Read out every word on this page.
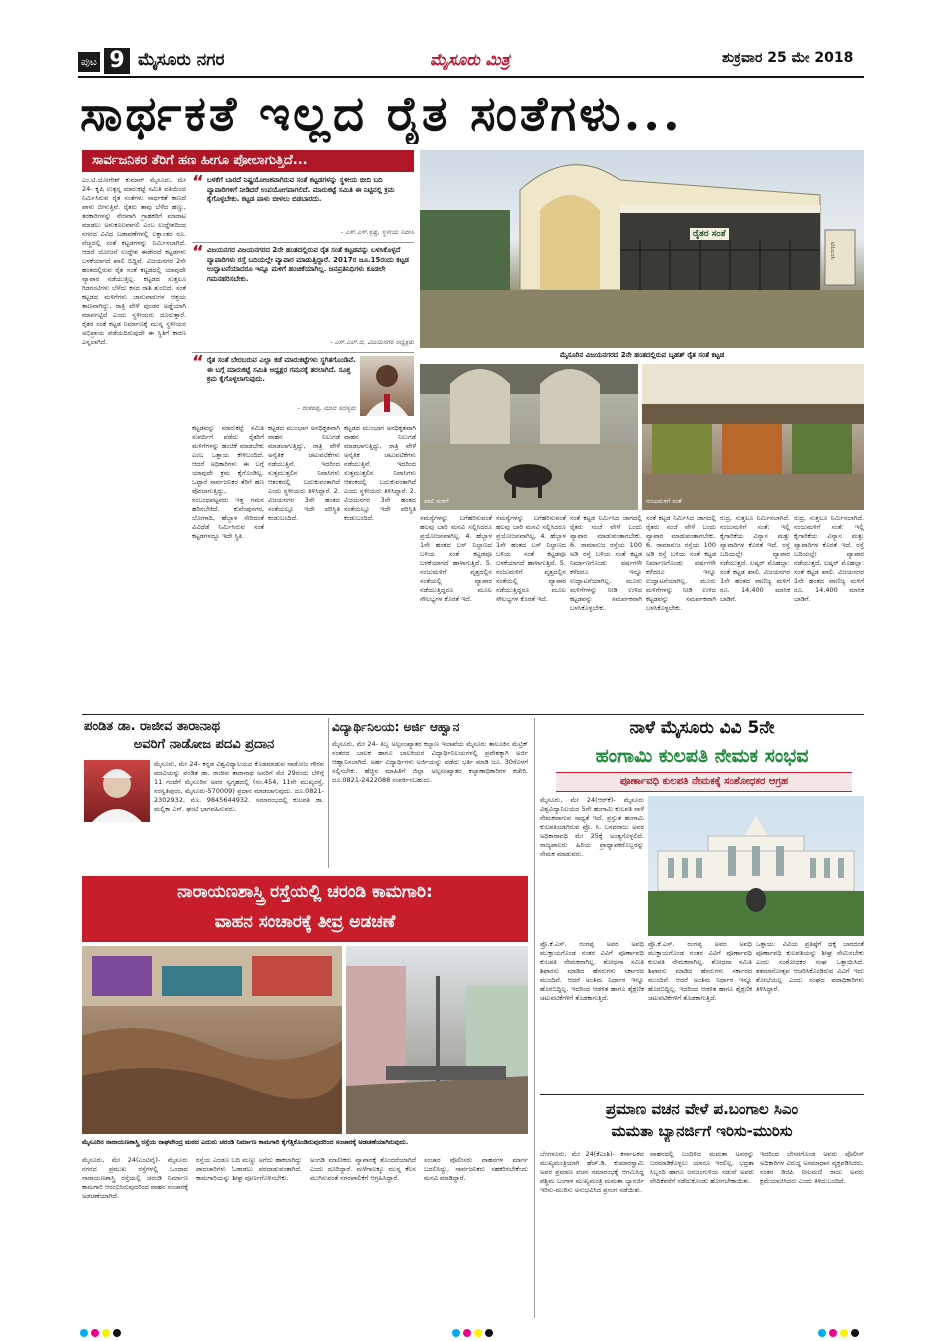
ಪುಟ 9 ಮೈಸೂರು ನಗರ	ಮೈಸೂರು ಮಿತ್ರ	ಶುಕ್ರವಾರ 25 ಮೇ 2018
ಸಾರ್ಥಕತೆ ಇಲ್ಲದ ರೈತ ಸಂತೆಗಳು...
ಸಾರ್ವಜನಿಕರ ತೆರಿಗೆ ಹಣ ಹೀಗೂ ಪೋಲಾಗುತ್ತಿದೆ...
ಎಂ.ಟಿ.ಯೋಗೇಶ್ ಕುಮಾರ್ ಮೈಸೂರು, ಮೇ 24- ಕೃಷಿ ಉತ್ಪನ್ನ ಮಾರುಕಟ್ಟೆ ಸಮಿತಿ ವತಿಯಿಂದ ನಿರ್ಮಿಸಿರುವ ರೈತ ಸಂತೆಗಳು ಸಾರ್ಥಕತೆ ಕಾಣದೆ ಪಾಳು ಬೀಳುತ್ತಿವೆ. ರೈತರು ತಾವು ಬೆಳೆದ ಹಣ್ಣು, ತರಕಾರಿಗಳನ್ನು ನೇರವಾಗಿ ಗ್ರಾಹಕರಿಗೆ ಮಾರಾಟ ಮಾಡಲು ಅನುಕೂಲವಾಗಲಿ ಎಂಬ ಉದ್ದೇಶದಿಂದ ನಗರದ ವಿವಿಧ ಬಡಾವಣೆಗಳಲ್ಲಿ ಲಕ್ಷಾಂತರ ರೂ. ವೆಚ್ಚದಲ್ಲಿ ಸಂತೆ ಕಟ್ಟಡಗಳನ್ನು ನಿರ್ಮಿಸಲಾಗಿದೆ. ಆದರೆ ಯೋಜನೆ ಉದ್ದೇಶ ಈಡೇರದೆ ಕಟ್ಟಡಗಳು ಬಳಕೆಯಾಗದೆ ಖಾಲಿ ಬಿದ್ದಿವೆ. ವಿಜಯನಗರ 2ನೇ ಹಂತದಲ್ಲಿರುವ ರೈತ ಸಂತೆ ಕಟ್ಟಡದಲ್ಲಿ ಯಾವುದೇ ವ್ಯಾಪಾರ ನಡೆಯುತ್ತಿಲ್ಲ. ಕಟ್ಟಡದ ಸುತ್ತಲೂ ಗಿಡಗಂಟಿಗಳು ಬೆಳೆದು ಕಸದ ರಾಶಿ ತುಂಬಿದೆ. ಸಂತೆ ಕಟ್ಟಡದ ಮಳಿಗೆಗಳು ಜಾನುವಾರುಗಳ ಆಶ್ರಯ ತಾಣವಾಗಿದ್ದು, ರಾತ್ರಿ ವೇಳೆ ಪುಂಡರ ಅಡ್ಡೆಯಾಗಿ ಮಾರ್ಪಟ್ಟಿದೆ ಎಂದು ಸ್ಥಳೀಯರು ದೂರುತ್ತಾರೆ. ರೈತರ ಸಂತೆ ಕಟ್ಟಡ ನಿರ್ಮಾಣಕ್ಕೆ ಮುನ್ನ ಸ್ಥಳೀಯರ ಅಭಿಪ್ರಾಯ ಪಡೆಯದಿರುವುದೇ ಈ ಸ್ಥಿತಿಗೆ ಕಾರಣ ಎನ್ನಲಾಗಿದೆ.
“ ಬಳಕೆಗೆ ಬಾರದೆ ನಿಷ್ಪ್ರಯೋಜಕವಾಗಿರುವ ಸಂತೆ ಕಟ್ಟಡಗಳನ್ನು ಸ್ಥಳೀಯ ಬೀದಿ ಬದಿ ವ್ಯಾಪಾರಿಗಳಿಗೆ ನೀಡಿದರೆ ಉಪಯೋಗವಾಗಲಿದೆ. ಮಾರುಕಟ್ಟೆ ಸಮಿತಿ ಈ ನಿಟ್ಟಿನಲ್ಲಿ ಕ್ರಮ ಕೈಗೊಳ್ಳಬೇಕು. ಕಟ್ಟಡ ಪಾಳು ಬೀಳಲು ಬಿಡಬಾರದು.
- ಎಸ್.ಎಸ್.ಕೃಷ್ಣ, ಸ್ಥಳೀಯ ನಿವಾಸಿ
“ ವಿಜಯನಗರ ವಿಜಯನಗರದ 2ನೇ ಹಂತದಲ್ಲಿರುವ ರೈತ ಸಂತೆ ಕಟ್ಟಡವನ್ನು ಬಳಸಿಕೊಳ್ಳದೆ ವ್ಯಾಪಾರಿಗಳು ರಸ್ತೆ ಬದಿಯಲ್ಲೇ ವ್ಯಾಪಾರ ಮಾಡುತ್ತಿದ್ದಾರೆ. 2017ರ ಜೂ.15ರಂದು ಕಟ್ಟಡ ಉದ್ಘಾಟನೆಯಾದರೂ ಇನ್ನೂ ಮಳಿಗೆ ಹಂಚಿಕೆಯಾಗಿಲ್ಲ. ಜನಪ್ರತಿನಿಧಿಗಳು ಕೂಡಲೇ ಗಮನಹರಿಸಬೇಕು.
- ಎಸ್.ಎಲ್.ಜಿ, ವಿಜಯನಗರ ಅಧ್ಯಕ್ಷರು
“ ರೈತ ಸಂತೆ ಬೇರಬರುವ ಎಲ್ಲಾ ಕಡೆ ಮಾರುಕಟ್ಟೆಗಳು ಸ್ಥಗಿತಗೊಂಡಿವೆ. ಈ ಬಗ್ಗೆ ಮಾರುಕಟ್ಟೆ ಸಮಿತಿ ಅಧ್ಯಕ್ಷರ ಗಮನಕ್ಕೆ ತರಲಾಗಿದೆ. ಸೂಕ್ತ ಕ್ರಮ ಕೈಗೊಳ್ಳಲಾಗುವುದು.
- ಶಂಕರಪ್ಪ, ಮಾಜಿ ಸದಸ್ಯರು
ಕಟ್ಟಡವನ್ನು ಮಾರುಕಟ್ಟೆ ಸಮಿತಿ ಸುಪರ್ದಿಗೆ ಪಡೆದು ರೈತರಿಗೆ ಮಳಿಗೆಗಳನ್ನು ಹಂಚಿಕೆ ಮಾಡಬೇಕು ಎಂಬ ಒತ್ತಾಯ ಕೇಳಿಬಂದಿದೆ. ಆದರೆ ಅಧಿಕಾರಿಗಳು ಈ ಬಗ್ಗೆ ಯಾವುದೇ ಕ್ರಮ ಕೈಗೊಂಡಿಲ್ಲ. ಒಟ್ಟಾರೆ ಸಾರ್ವಜನಿಕರ ತೆರಿಗೆ ಹಣ ಪೋಲಾಗುತ್ತಿದ್ದು, ಸಂಬಂಧಪಟ್ಟವರು ಇತ್ತ ಗಮನ ಹರಿಸಬೇಕಿದೆ. ಕುವೆಂಪುನಗರ, ಬೋಗಾದಿ, ಹೆಬ್ಬಾಳ ಸೇರಿದಂತೆ ವಿವಿಧೆಡೆ ನಿರ್ಮಿಸಿರುವ ಸಂತೆ ಕಟ್ಟಡಗಳದ್ದೂ ಇದೇ ಸ್ಥಿತಿ.
ಕಟ್ಟಡದ ಮುಂಭಾಗ ಅನಧಿಕೃತವಾಗಿ ವಾಹನ ನಿಲುಗಡೆ ಮಾಡಲಾಗುತ್ತಿದ್ದು, ರಾತ್ರಿ ವೇಳೆ ಅನೈತಿಕ ಚಟುವಟಿಕೆಗಳು ನಡೆಯುತ್ತಿವೆ. ಇದರಿಂದ ಸುತ್ತಮುತ್ತಲಿನ ನಿವಾಸಿಗಳು ಆತಂಕದಲ್ಲಿ ಬದುಕುವಂತಾಗಿದೆ ಎಂದು ಸ್ಥಳೀಯರು ತಿಳಿಸಿದ್ದಾರೆ. 2. ವಿಜಯನಗರ 3ನೇ ಹಂತದ ಸಂತೆಯಲ್ಲೂ ಇದೇ ಪರಿಸ್ಥಿತಿ ಕಂಡುಬಂದಿದೆ.
ಕಟ್ಟಡದ ಮುಂಭಾಗ ಅನಧಿಕೃತವಾಗಿ ವಾಹನ ನಿಲುಗಡೆ ಮಾಡಲಾಗುತ್ತಿದ್ದು, ರಾತ್ರಿ ವೇಳೆ ಅನೈತಿಕ ಚಟುವಟಿಕೆಗಳು ನಡೆಯುತ್ತಿವೆ. ಇದರಿಂದ ಸುತ್ತಮುತ್ತಲಿನ ನಿವಾಸಿಗಳು ಆತಂಕದಲ್ಲಿ ಬದುಕುವಂತಾಗಿದೆ ಎಂದು ಸ್ಥಳೀಯರು ತಿಳಿಸಿದ್ದಾರೆ. 2. ವಿಜಯನಗರ 3ನೇ ಹಂತದ ಸಂತೆಯಲ್ಲೂ ಇದೇ ಪರಿಸ್ಥಿತಿ ಕಂಡುಬಂದಿದೆ.
ರೈತರ ಸಂತೆ
ಟಿಪಿಎಂಸಿ
ಮೈಸೂರಿನ ವಿಜಯನಗರದ 2ನೇ ಹಂತದಲ್ಲಿರುವ ಬೃಹತ್ ರೈತ ಸಂತೆ ಕಟ್ಟಡ
ಖಾಲಿ ಮಳಿಗೆ	ನಂಜುಮಳಿಗೆ ಸಂತೆ
ಸಮಸ್ಯೆಗಳನ್ನು ಬಗೆಹರಿಸುವಂತೆ ಹಲವು ಬಾರಿ ಮನವಿ ಸಲ್ಲಿಸಿದರೂ ಪ್ರಯೋಜನವಾಗಿಲ್ಲ. 4. ಹೆಬ್ಬಾಳ 1ನೇ ಹಂತದ ಬಸ್ ನಿಲ್ದಾಣದ ಬಳಿಯ ಸಂತೆ ಕಟ್ಟಡವೂ ಬಳಕೆಯಾಗದೆ ಹಾಳಾಗುತ್ತಿದೆ. 5. ನಂಜುಮಳಿಗೆ ವೃತ್ತದಲ್ಲಿನ ಸಂತೆಯಲ್ಲಿ ವ್ಯಾಪಾರ ನಡೆಯುತ್ತಿದ್ದರೂ ಮೂಲ ಸೌಲಭ್ಯಗಳ ಕೊರತೆ ಇದೆ.
ಸಮಸ್ಯೆಗಳನ್ನು ಬಗೆಹರಿಸುವಂತೆ ಹಲವು ಬಾರಿ ಮನವಿ ಸಲ್ಲಿಸಿದರೂ ಪ್ರಯೋಜನವಾಗಿಲ್ಲ. 4. ಹೆಬ್ಬಾಳ 1ನೇ ಹಂತದ ಬಸ್ ನಿಲ್ದಾಣದ ಬಳಿಯ ಸಂತೆ ಕಟ್ಟಡವೂ ಬಳಕೆಯಾಗದೆ ಹಾಳಾಗುತ್ತಿದೆ. 5. ನಂಜುಮಳಿಗೆ ವೃತ್ತದಲ್ಲಿನ ಸಂತೆಯಲ್ಲಿ ವ್ಯಾಪಾರ ನಡೆಯುತ್ತಿದ್ದರೂ ಮೂಲ ಸೌಲಭ್ಯಗಳ ಕೊರತೆ ಇದೆ.
ಸಂತೆ ಕಟ್ಟಡ ನಿರ್ಮಿಸಿದ ಜಾಗದಲ್ಲಿ ರೈತರು ಸಂಜೆ ವೇಳೆ ಬಂದು ವ್ಯಾಪಾರ ಮಾಡುವಂತಾಗಬೇಕು. 6. ರಾಮಾನುಜ ರಸ್ತೆಯ 100 ಅಡಿ ರಸ್ತೆ ಬಳಿಯ ಸಂತೆ ಕಟ್ಟಡ ನಿರ್ಮಾಣಗೊಂಡು ವರ್ಷಗಳೇ ಕಳೆದರೂ ಇನ್ನೂ ಉದ್ಘಾಟನೆಯಾಗಿಲ್ಲ. ಮೂರು ಮಳಿಗೆಗಳನ್ನು ನೀಡಿ ಉಳಿದ ಕಟ್ಟಡವನ್ನು ಸಮರ್ಪಕವಾಗಿ ಬಳಸಿಕೊಳ್ಳಬೇಕು.
ಸಂತೆ ಕಟ್ಟಡ ನಿರ್ಮಿಸಿದ ಜಾಗದಲ್ಲಿ ರೈತರು ಸಂಜೆ ವೇಳೆ ಬಂದು ವ್ಯಾಪಾರ ಮಾಡುವಂತಾಗಬೇಕು. 6. ರಾಮಾನುಜ ರಸ್ತೆಯ 100 ಅಡಿ ರಸ್ತೆ ಬಳಿಯ ಸಂತೆ ಕಟ್ಟಡ ನಿರ್ಮಾಣಗೊಂಡು ವರ್ಷಗಳೇ ಕಳೆದರೂ ಇನ್ನೂ ಉದ್ಘಾಟನೆಯಾಗಿಲ್ಲ. ಮೂರು ಮಳಿಗೆಗಳನ್ನು ನೀಡಿ ಉಳಿದ ಕಟ್ಟಡವನ್ನು ಸಮರ್ಪಕವಾಗಿ ಬಳಸಿಕೊಳ್ಳಬೇಕು.
ರುದ್ರ, ಸುತ್ತಲೂ ನಿರ್ಮಿಸಲಾಗಿದೆ. ನಂಜುಮಳಿಗೆ ಸಂತೆ: ಇಲ್ಲಿ ಕೈಗಾರಿಕೆಯ ವಿನ್ಯಾಸ ಮತ್ತು ವ್ಯಾಪಾರಿಗಳ ಕೊರತೆ ಇದೆ. ರಸ್ತೆ ಬದಿಯಲ್ಲೇ ವ್ಯಾಪಾರ ನಡೆಯುತ್ತದೆ. ಲಷ್ಕರ್ ಮೊಹಲ್ಲಾ: ಸಂತೆ ಕಟ್ಟಡ ಖಾಲಿ. ವಿಜಯನಗರ 1ನೇ ಹಂತದ ವಾಣಿಜ್ಯ ಮಳಿಗೆ ರೂ. 14,400 ಮಾಸಿಕ ಬಾಡಿಗೆ.
ರುದ್ರ, ಸುತ್ತಲೂ ನಿರ್ಮಿಸಲಾಗಿದೆ. ನಂಜುಮಳಿಗೆ ಸಂತೆ: ಇಲ್ಲಿ ಕೈಗಾರಿಕೆಯ ವಿನ್ಯಾಸ ಮತ್ತು ವ್ಯಾಪಾರಿಗಳ ಕೊರತೆ ಇದೆ. ರಸ್ತೆ ಬದಿಯಲ್ಲೇ ವ್ಯಾಪಾರ ನಡೆಯುತ್ತದೆ. ಲಷ್ಕರ್ ಮೊಹಲ್ಲಾ: ಸಂತೆ ಕಟ್ಟಡ ಖಾಲಿ. ವಿಜಯನಗರ 1ನೇ ಹಂತದ ವಾಣಿಜ್ಯ ಮಳಿಗೆ ರೂ. 14,400 ಮಾಸಿಕ ಬಾಡಿಗೆ.
ಪಂಡಿತ ಡಾ. ರಾಜೀವ ತಾರಾನಾಥ
ಅವರಿಗೆ ನಾಡೋಜ ಪದವಿ ಪ್ರದಾನ
ಮೈಸೂರು, ಮೇ 24- ಕನ್ನಡ ವಿಶ್ವವಿದ್ಯಾಲಯದ ಕೊಡಮಾಡುವ ನಾಡೋಜ ಗೌರವ ಪದವಿಯನ್ನು ಪಂಡಿತ ಡಾ. ರಾಜೀವ ತಾರಾನಾಥ ಅವರಿಗೆ ಮೇ 29ರಂದು ಬೆಳಿಗ್ಗೆ 11 ಗಂಟೆಗೆ ಮೈಸೂರಿನ ಅವರ ಸ್ವಗೃಹದಲ್ಲಿ (ನಂ.454, 11ನೇ ಮುಖ್ಯರಸ್ತೆ, ಸರಸ್ವತಿಪುರಂ, ಮೈಸೂರು-570009) ಪ್ರದಾನ ಮಾಡಲಾಗುವುದು. ದೂ.0821-2302932, ಮೊ. 9845644932. ಸಮಾರಂಭದಲ್ಲಿ ಕುಲಪತಿ ಡಾ. ಮಲ್ಲಿಕಾ ಎಸ್. ಘಂಟಿ ಭಾಗವಹಿಸುವರು.
ವಿದ್ಯಾರ್ಥಿನಿಲಯ: ಅರ್ಜಿ ಆಹ್ವಾನ
ಮೈಸೂರು, ಮೇ 24- ತಿಬ್ಬ ಅಲ್ಪಸಂಖ್ಯಾತರ ಕಲ್ಯಾಣ ಇಲಾಖೆಯ ಮೈಸೂರು ತಾಲೂಕಿನ ಮೆಟ್ರಿಕ್ ನಂತರದ ಬಾಲಕ ಹಾಗೂ ಬಾಲಕಿಯರ ವಿದ್ಯಾರ್ಥಿನಿಲಯಗಳಲ್ಲಿ ಪ್ರವೇಶಕ್ಕಾಗಿ ಅರ್ಜಿ ಆಹ್ವಾನಿಸಲಾಗಿದೆ. ಅರ್ಹ ವಿದ್ಯಾರ್ಥಿಗಳು ಅರ್ಜಿಯನ್ನು ಪಡೆದು ಭರ್ತಿ ಮಾಡಿ ಜೂ. 30ರೊಳಗೆ ಸಲ್ಲಿಸಬೇಕು. ಹೆಚ್ಚಿನ ಮಾಹಿತಿಗೆ ಜಿಲ್ಲಾ ಅಲ್ಪಸಂಖ್ಯಾತರ ಕಲ್ಯಾಣಾಧಿಕಾರಿಗಳ ಕಚೇರಿ, ದೂ.0821-2422088 ಸಂಪರ್ಕಿಸಬಹುದು.
ನಾರಾಯಣಶಾಸ್ತ್ರಿ ರಸ್ತೆಯಲ್ಲಿ ಚರಂಡಿ ಕಾಮಗಾರಿ:
ವಾಹನ ಸಂಚಾರಕ್ಕೆ ತೀವ್ರ ಅಡಚಣೆ
ಮೈಸೂರಿನ ನಾರಾಯಣಶಾಸ್ತ್ರಿ ರಸ್ತೆಯ ರಾಘವೇಂದ್ರ ಮಠದ ಎದುರು ಚರಂಡಿ ನಿರ್ಮಾಣ ಕಾಮಗಾರಿ ಕೈಗೆತ್ತಿಕೊಂಡಿರುವುದರಿಂದ ಸಂಚಾರಕ್ಕೆ ಅಡಚಣೆಯಾಗಿರುವುದು.
ಮೈಸೂರು, ಮೇ 24(ಎಂಟಿವೈ)- ಮೈಸೂರು ನಗರದ ಪ್ರಮುಖ ರಸ್ತೆಗಳಲ್ಲಿ ಒಂದಾದ ನಾರಾಯಣಶಾಸ್ತ್ರಿ ರಸ್ತೆಯಲ್ಲಿ ಚರಂಡಿ ನಿರ್ಮಾಣ ಕಾಮಗಾರಿ ಆರಂಭಿಸಿರುವುದರಿಂದ ವಾಹನ ಸಂಚಾರಕ್ಕೆ ಅಡಚಣೆಯಾಗಿದೆ.
ರಸ್ತೆಯ ಎರಡೂ ಬದಿ ಮಣ್ಣು ಅಗೆದು ಹಾಕಲಾಗಿದ್ದು ಪಾದಚಾರಿಗಳು ಓಡಾಡಲು ಪರದಾಡುವಂತಾಗಿದೆ. ಕಾಮಗಾರಿಯನ್ನು ಶೀಘ್ರ ಪೂರ್ಣಗೊಳಿಸಬೇಕು.
ಅಂಗಡಿ ಮಾಲೀಕರು ವ್ಯಾಪಾರಕ್ಕೆ ತೊಂದರೆಯಾಗಿದೆ ಎಂದು ದೂರಿದ್ದಾರೆ. ಮಳೆಗಾಲಕ್ಕೂ ಮುನ್ನ ಕೆಲಸ ಮುಗಿಸುವಂತೆ ನಗರಪಾಲಿಕೆಗೆ ಆಗ್ರಹಿಸಿದ್ದಾರೆ.
ಸಂಚಾರ ಪೊಲೀಸರು ವಾಹನಗಳ ಮಾರ್ಗ ಬದಲಿಸಿದ್ದು, ಸಾರ್ವಜನಿಕರು ಸಹಕರಿಸಬೇಕೆಂದು ಮನವಿ ಮಾಡಿದ್ದಾರೆ.
ನಾಳೆ ಮೈಸೂರು ವಿವಿ 5ನೇ
ಹಂಗಾಮಿ ಕುಲಪತಿ ನೇಮಕ ಸಂಭವ
ಪೂರ್ಣಾವಧಿ ಕುಲಪತಿ ನೇಮಕಕ್ಕೆ ಸಂಶೋಧಕರ ಆಗ್ರಹ
ಮೈಸೂರು, ಮೇ 24(ಆರ್‌ಕೆ)- ಮೈಸೂರು ವಿಶ್ವವಿದ್ಯಾನಿಲಯದ 5ನೇ ಹಂಗಾಮಿ ಕುಲಪತಿ ನಾಳೆ ನೇಮಕವಾಗುವ ಸಾಧ್ಯತೆ ಇದೆ. ಪ್ರಸ್ತುತ ಹಂಗಾಮಿ ಕುಲಪತಿಯಾಗಿರುವ ಪ್ರೊ. ಸಿ. ಬಸವರಾಜು ಅವರ ಅಧಿಕಾರಾವಧಿ ಮೇ 25ಕ್ಕೆ ಅಂತ್ಯಗೊಳ್ಳಲಿದೆ. ರಾಜ್ಯಪಾಲರು ಹಿರಿಯ ಪ್ರಾಧ್ಯಾಪಕರೊಬ್ಬರನ್ನು ನೇಮಕ ಮಾಡುವರು.
ಪ್ರೊ.ಕೆ.ಎಸ್. ರಂಗಪ್ಪ ಅವರ ಅವಧಿ ಮುಕ್ತಾಯಗೊಂಡ ನಂತರ ವಿವಿಗೆ ಪೂರ್ಣಾವಧಿ ಕುಲಪತಿ ನೇಮಕವಾಗಿಲ್ಲ. ಶೋಧನಾ ಸಮಿತಿ ಶಿಫಾರಸು ಮಾಡಿದ ಹೆಸರುಗಳು ಸರ್ಕಾರದ ಮುಂದಿವೆ. ಆದರೆ ಅಂತಿಮ ನಿರ್ಧಾರ ಇನ್ನೂ ಹೊರಬಿದ್ದಿಲ್ಲ. ಇದರಿಂದ ಆಡಳಿತ ಹಾಗೂ ಶೈಕ್ಷಣಿಕ ಚಟುವಟಿಕೆಗಳಿಗೆ ತೊಡಕಾಗುತ್ತಿದೆ.
ಒತ್ತಾಯ: ವಿವಿಯ ಪ್ರತಿಷ್ಠೆಗೆ ಧಕ್ಕೆ ಬಾರದಂತೆ ಪೂರ್ಣಾವಧಿ ಕುಲಪತಿಯನ್ನು ಶೀಘ್ರ ನೇಮಿಸಬೇಕು ಎಂದು ಸಂಶೋಧಕರ ಸಂಘ ಒತ್ತಾಯಿಸಿದೆ. ಶತಮಾನೋತ್ಸವ ಆಚರಿಸಿಕೊಂಡಿರುವ ವಿವಿಗೆ ಇದು ಶೋಭೆಯಲ್ಲ ಎಂದು ಸಂಘದ ಪದಾಧಿಕಾರಿಗಳು ತಿಳಿಸಿದ್ದಾರೆ.
ಪ್ರೊ.ಕೆ.ಎಸ್. ರಂಗಪ್ಪ ಅವರ ಅವಧಿ ಮುಕ್ತಾಯಗೊಂಡ ನಂತರ ವಿವಿಗೆ ಪೂರ್ಣಾವಧಿ ಕುಲಪತಿ ನೇಮಕವಾಗಿಲ್ಲ. ಶೋಧನಾ ಸಮಿತಿ ಶಿಫಾರಸು ಮಾಡಿದ ಹೆಸರುಗಳು ಸರ್ಕಾರದ ಮುಂದಿವೆ. ಆದರೆ ಅಂತಿಮ ನಿರ್ಧಾರ ಇನ್ನೂ ಹೊರಬಿದ್ದಿಲ್ಲ. ಇದರಿಂದ ಆಡಳಿತ ಹಾಗೂ ಶೈಕ್ಷಣಿಕ ಚಟುವಟಿಕೆಗಳಿಗೆ ತೊಡಕಾಗುತ್ತಿದೆ.
ಪ್ರಮಾಣ ವಚನ ವೇಳೆ ಪ.ಬಂಗಾಲ ಸಿಎಂ
ಮಮತಾ ಬ್ಯಾನರ್ಜಿಗೆ ಇರಿಸು-ಮುರಿಸು
ಬೆಂಗಳೂರು, ಮೇ 24(ಕೆಎಂಶಿ)- ಕರ್ನಾಟಕದ ಮುಖ್ಯಮಂತ್ರಿಯಾಗಿ ಹೆಚ್.ಡಿ. ಕುಮಾರಸ್ವಾಮಿ ಅವರ ಪ್ರಮಾಣ ವಚನ ಸಮಾರಂಭಕ್ಕೆ ಆಗಮಿಸಿದ್ದ ಪಶ್ಚಿಮ ಬಂಗಾಳ ಮುಖ್ಯಮಂತ್ರಿ ಮಮತಾ ಬ್ಯಾನರ್ಜಿ ಇರಿಸು-ಮುರಿಸು ಅನುಭವಿಸಿದ ಪ್ರಸಂಗ ನಡೆಯಿತು.
ವಾಹನದಲ್ಲಿ ಬಂದಿಳಿದ ಮಮತಾ ಅವರನ್ನು ಬರಮಾಡಿಕೊಳ್ಳಲು ಯಾರೂ ಇರಲಿಲ್ಲ. ಭದ್ರತಾ ಸಿಬ್ಬಂದಿ ಹಾಗೂ ಜನಜಂಗುಳಿಯ ನಡುವೆ ಅವರು ವೇದಿಕೆವರೆಗೆ ನಡೆದುಕೊಂಡು ಹೋಗಬೇಕಾಯಿತು.
ಇದರಿಂದ ಬೇಸರಗೊಂಡ ಅವರು ಪೊಲೀಸ್ ಅಧಿಕಾರಿಗಳ ವಿರುದ್ಧ ಅಸಮಾಧಾನ ವ್ಯಕ್ತಪಡಿಸಿದರು. ನಂತರ ಡಿಜಿಪಿ ನೀಲಮಣಿ ರಾಜು ಅವರು ಕ್ಷಮೆಯಾಚಿಸಿದರು ಎಂದು ತಿಳಿದುಬಂದಿದೆ.
